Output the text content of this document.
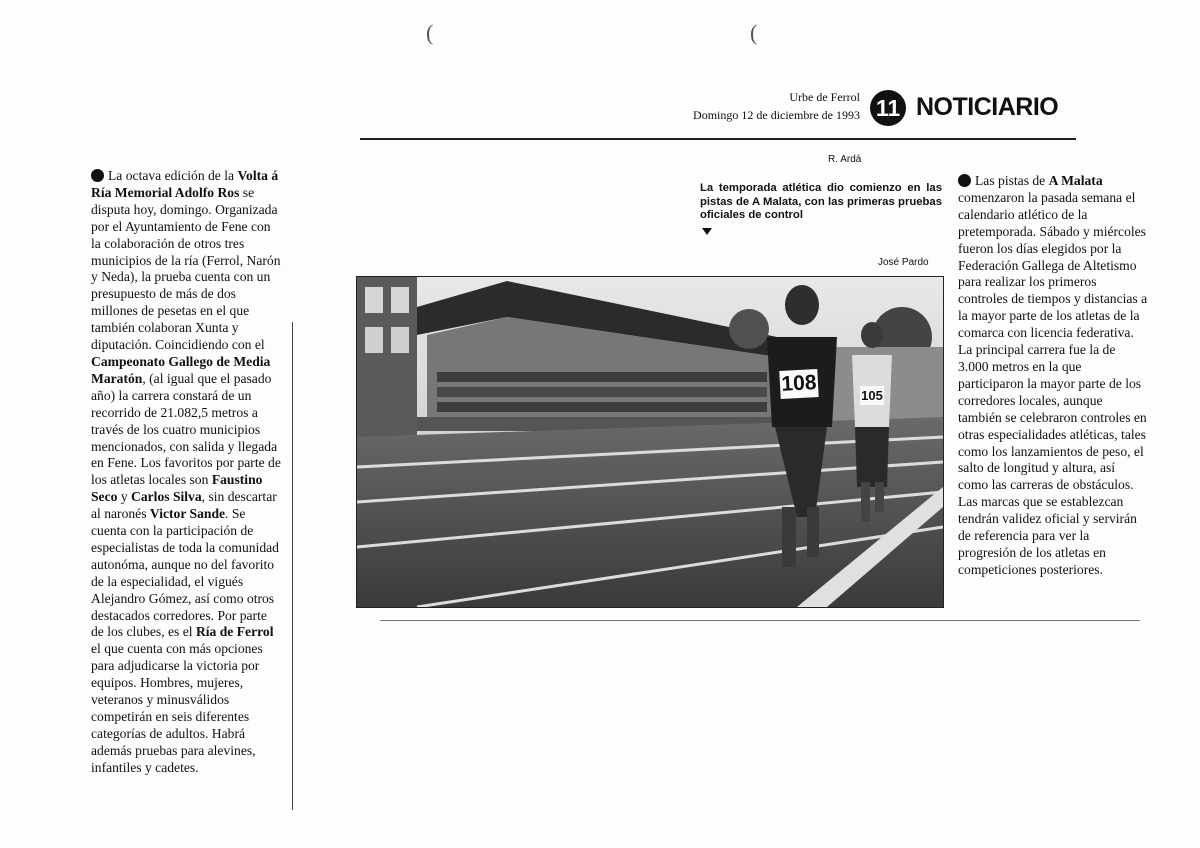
(	(
Urbe de Ferrol
Domingo 12 de diciembre de 1993 11 NOTICIARIO

La octava edición de la Volta á Ría Memorial Adolfo Ros se disputa hoy, domingo. Organizada por el Ayuntamiento de Fene con la colaboración de otros tres municipios de la ría (Ferrol, Narón y Neda), la prueba cuenta con un presupuesto de más de dos millones de pesetas en el que también colaboran Xunta y diputación. Coincidiendo con el Campeonato Gallego de Media Maratón, (al igual que el pasado año) la carrera constará de un recorrido de 21.082,5 metros a través de los cuatro municipios mencionados, con salida y llegada en Fene. Los favoritos por parte de los atletas locales son Faustino Seco y Carlos Silva, sin descartar al naronés Victor Sande. Se cuenta con la participación de especialistas de toda la comunidad autonóma, aunque no del favorito de la especialidad, el vigués Alejandro Gómez, así como otros destacados corredores. Por parte de los clubes, es el Ría de Ferrol el que cuenta con más opciones para adjudicarse la victoria por equipos. Hombres, mujeres, veteranos y minusválidos competirán en seis diferentes categorías de adultos. Habrá además pruebas para alevines, infantiles y cadetes.

R. Ardá
La temporada atlética dio comienzo en las pistas de A Malata, con las primeras pruebas oficiales de control
José Pardo
108	105

Las pistas de A Malata comenzaron la pasada semana el calendario atlético de la pretemporada. Sábado y miércoles fueron los días elegidos por la Federación Gallega de Altetismo para realizar los primeros controles de tiempos y distancias a la mayor parte de los atletas de la comarca con licencia federativa. La principal carrera fue la de 3.000 metros en la que participaron la mayor parte de los corredores locales, aunque también se celebraron controles en otras especialidades atléticas, tales como los lanzamientos de peso, el salto de longitud y altura, así como las carreras de obstáculos. Las marcas que se establezcan tendrán validez oficial y servirán de referencia para ver la progresión de los atletas en competiciones posteriores.
